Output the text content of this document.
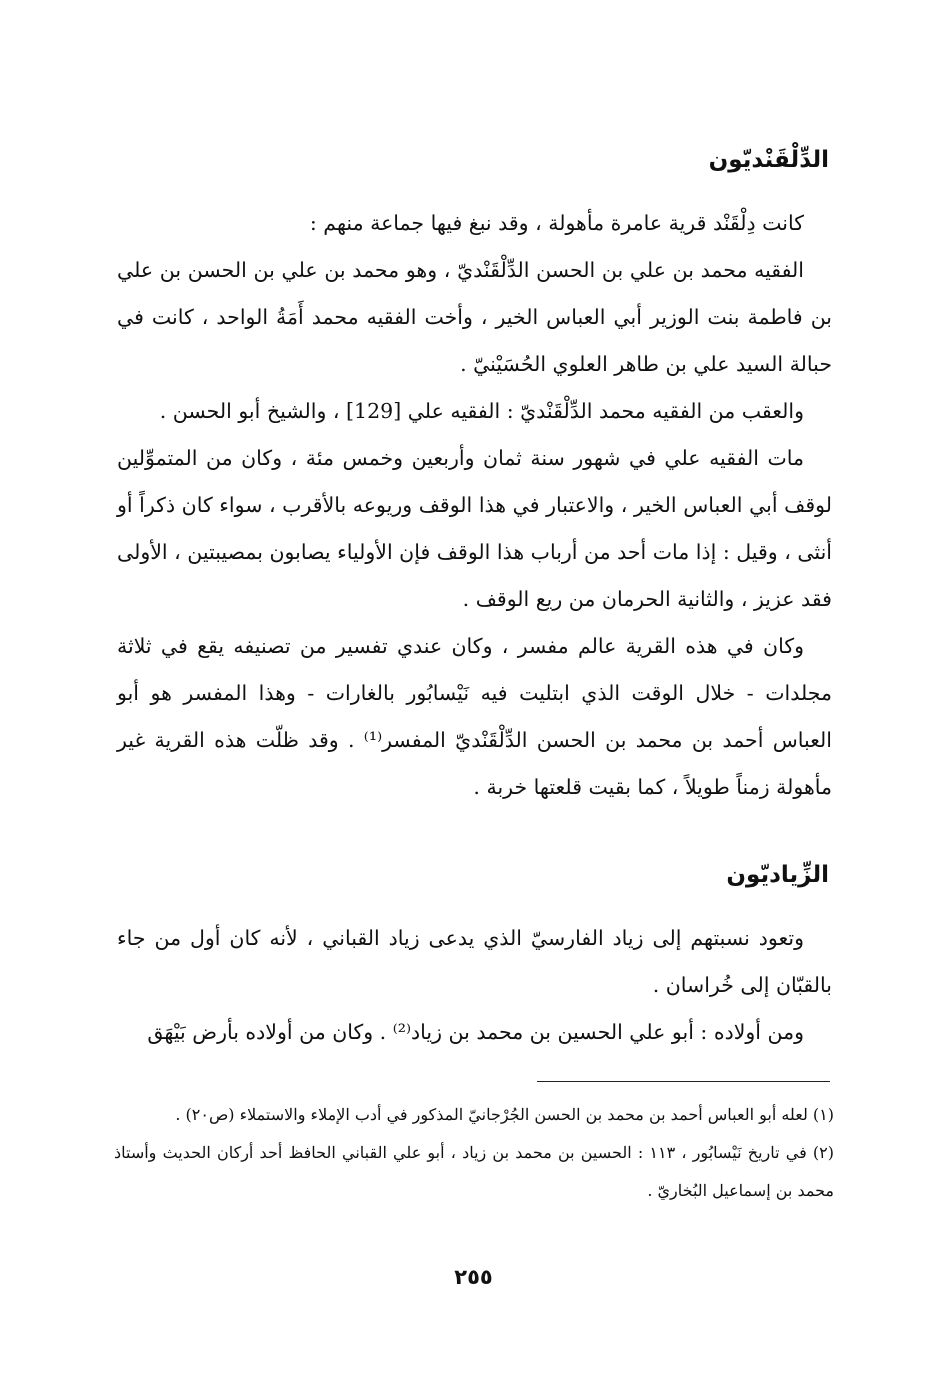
الدِّلْقَنْديّون

كانت دِلْقَنْد قرية عامرة مأهولة ، وقد نبغ فيها جماعة منهم :

الفقيه محمد بن علي بن الحسن الدِّلْقَنْديّ ، وهو محمد بن علي بن الحسن بن علي بن فاطمة بنت الوزير أبي العباس الخير ، وأخت الفقيه محمد أَمَةُ الواحد ، كانت في حبالة السيد علي بن طاهر العلوي الحُسَيْنيّ .

والعقب من الفقيه محمد الدِّلْقَنْديّ : الفقيه علي [129] ، والشيخ أبو الحسن .

مات الفقيه علي في شهور سنة ثمان وأربعين وخمس مئة ، وكان من المتموِّلين لوقف أبي العباس الخير ، والاعتبار في هذا الوقف وريوعه بالأقرب ، سواء كان ذكراً أو أنثى ، وقيل : إذا مات أحد من أرباب هذا الوقف فإن الأولياء يصابون بمصيبتين ، الأولى فقد عزيز ، والثانية الحرمان من ريع الوقف .

وكان في هذه القرية عالم مفسر ، وكان عندي تفسير من تصنيفه يقع في ثلاثة مجلدات - خلال الوقت الذي ابتليت فيه نَيْسابُور بالغارات - وهذا المفسر هو أبو العباس أحمد بن محمد بن الحسن الدِّلْقَنْديّ المفسر⁽¹⁾ . وقد ظلّت هذه القرية غير مأهولة زمناً طويلاً ، كما بقيت قلعتها خربة .

الزِّياديّون

وتعود نسبتهم إلى زياد الفارسيّ الذي يدعى زياد القباني ، لأنه كان أول من جاء بالقبّان إلى خُراسان .

ومن أولاده : أبو علي الحسين بن محمد بن زياد⁽²⁾ . وكان من أولاده بأرض بَيْهَق

(١) لعله أبو العباس أحمد بن محمد بن الحسن الجُرْجانيّ المذكور في أدب الإملاء والاستملاء (ص٢٠) .

(٢) في تاريخ نَيْسابُور ، ١١٣ : الحسين بن محمد بن زياد ، أبو علي القباني الحافظ أحد أركان الحديث وأستاذ محمد بن إسماعيل البُخاريّ .

٢٥٥
